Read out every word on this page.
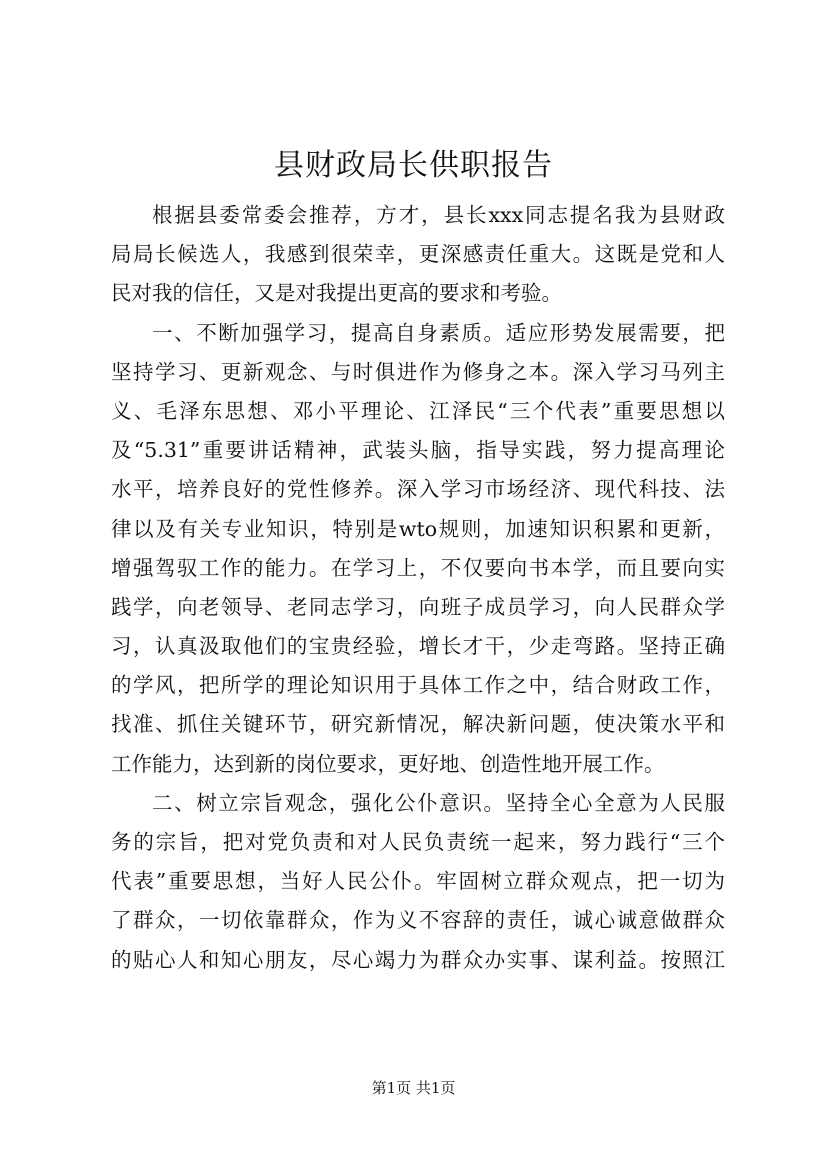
县财政局长供职报告
根据县委常委会推荐，方才，县长xxx同志提名我为县财政
局局长候选人，我感到很荣幸，更深感责任重大。这既是党和人
民对我的信任，又是对我提出更高的要求和考验。
一、不断加强学习，提高自身素质。适应形势发展需要，把
坚持学习、更新观念、与时俱进作为修身之本。深入学习马列主
义、毛泽东思想、邓小平理论、江泽民“三个代表”重要思想以
及“5.31”重要讲话精神，武装头脑，指导实践，努力提高理论
水平，培养良好的党性修养。深入学习市场经济、现代科技、法
律以及有关专业知识，特别是wto规则，加速知识积累和更新，
增强驾驭工作的能力。在学习上，不仅要向书本学，而且要向实
践学，向老领导、老同志学习，向班子成员学习，向人民群众学
习，认真汲取他们的宝贵经验，增长才干，少走弯路。坚持正确
的学风，把所学的理论知识用于具体工作之中，结合财政工作，
找准、抓住关键环节，研究新情况，解决新问题，使决策水平和
工作能力，达到新的岗位要求，更好地、创造性地开展工作。
二、树立宗旨观念，强化公仆意识。坚持全心全意为人民服
务的宗旨，把对党负责和对人民负责统一起来，努力践行“三个
代表”重要思想，当好人民公仆。牢固树立群众观点，把一切为
了群众，一切依靠群众，作为义不容辞的责任，诚心诚意做群众
的贴心人和知心朋友，尽心竭力为群众办实事、谋利益。按照江
第1页 共1页
